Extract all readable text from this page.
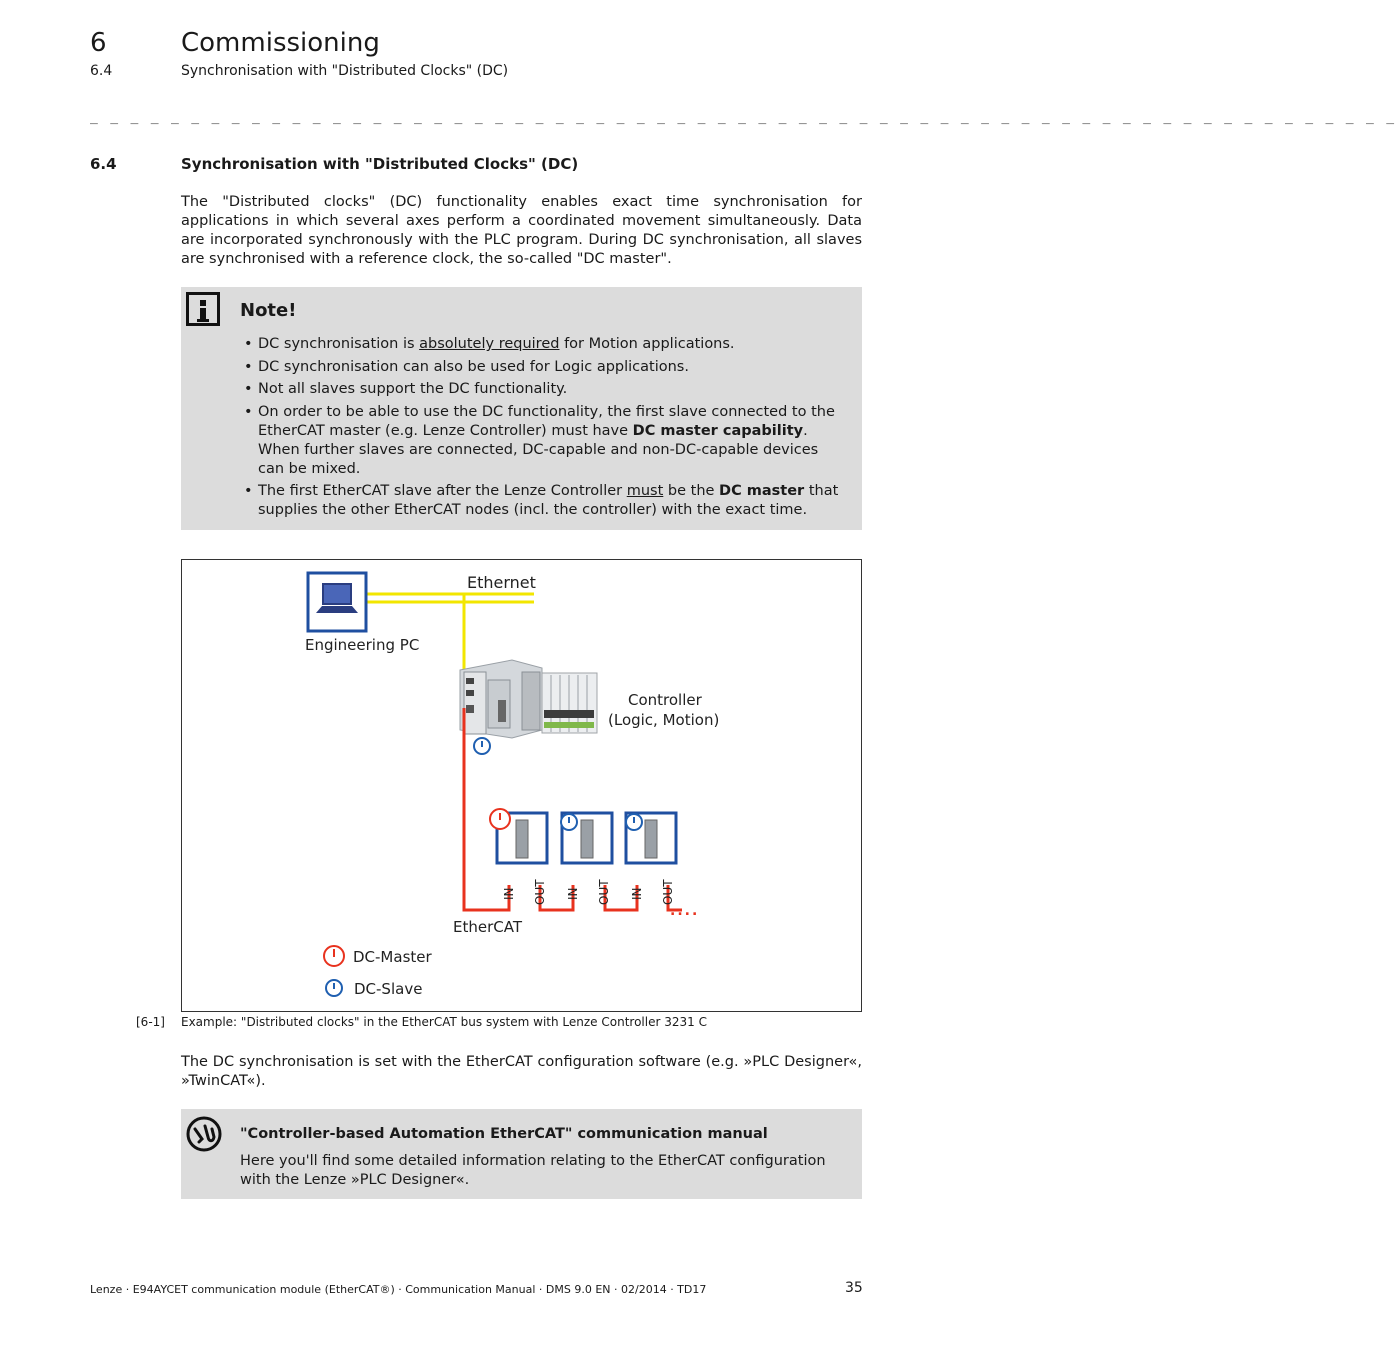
6	Commissioning
6.4	Synchronisation with "Distributed Clocks" (DC)
_ _ _ _ _ _ _ _ _ _ _ _ _ _ _ _ _ _ _ _ _ _ _ _ _ _ _ _ _ _ _ _ _ _ _ _ _ _ _ _ _ _ _ _ _ _ _ _ _ _ _ _ _ _ _ _ _ _ _ _ _ _ _ _ _
6.4	Synchronisation with "Distributed Clocks" (DC)
The "Distributed clocks" (DC) functionality enables exact time synchronisation for applications in which several axes perform a coordinated movement simultaneously. Data are incorporated synchronously with the PLC program. During DC synchronisation, all slaves are synchronised with a reference clock, the so-called "DC master".
Note!
• DC synchronisation is absolutely required for Motion applications.
• DC synchronisation can also be used for Logic applications.
• Not all slaves support the DC functionality.
• On order to be able to use the DC functionality, the first slave connected to the EtherCAT master (e.g. Lenze Controller) must have DC master capability.
When further slaves are connected, DC-capable and non-DC-capable devices can be mixed.
• The first EtherCAT slave after the Lenze Controller must be the DC master that supplies the other EtherCAT nodes (incl. the controller) with the exact time.
Ethernet
Engineering PC
Controller
(Logic, Motion)
....
EtherCAT
IN OUT IN OUT IN OUT
DC-Master
DC-Slave
[6-1] Example: "Distributed clocks" in the EtherCAT bus system with Lenze Controller 3231 C
The DC synchronisation is set with the EtherCAT configuration software (e.g. »PLC Designer«, »TwinCAT«).
"Controller-based Automation EtherCAT" communication manual
Here you'll find some detailed information relating to the EtherCAT configuration with the Lenze »PLC Designer«.
Lenze · E94AYCET communication module (EtherCAT®) · Communication Manual · DMS 9.0 EN · 02/2014 · TD17	35
